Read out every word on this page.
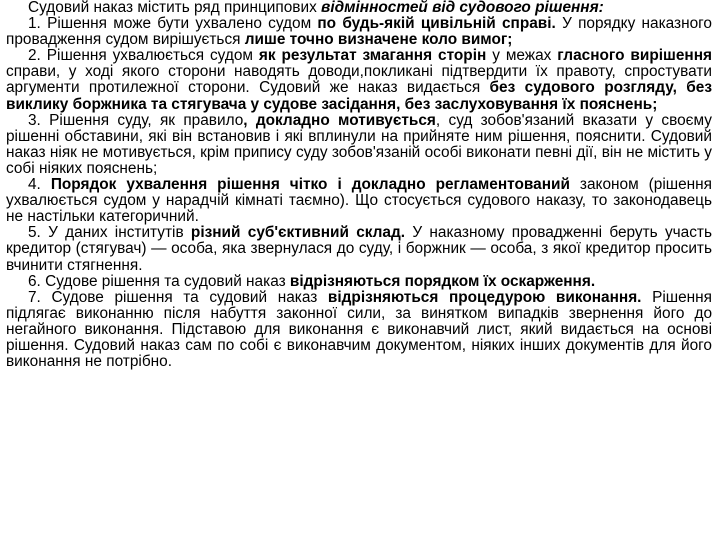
Судовий наказ містить ряд принципових відмінностей від судового рішення:

1. Рішення може бути ухвалено судом по будь-якій цивільній справі. У порядку наказного провадження судом вирішується лише точно визначене коло вимог;

2. Рішення ухвалюється судом як результат змагання сторін у межах гласного вирішення справи, у ході якого сторони наводять доводи,покликані підтвердити їх правоту, спростувати аргументи протилежної сторони. Судовий же наказ видається без судового розгляду, без виклику боржника та стягувача у судове засідання, без заслуховування їх пояснень;

3. Рішення суду, як правило, докладно мотивується, суд зобов'язаний вказати у своєму рішенні обставини, які він встановив і які вплинули на прийняте ним рішення, пояснити. Судовий наказ ніяк не мотивується, крім припису суду зобов'язаній особі виконати певні дії, він не містить у собі ніяких пояснень;

4. Порядок ухвалення рішення чітко і докладно регламентований законом (рішення ухвалюється судом у нарадчій кімнаті таємно). Що стосується судового наказу, то законодавець не настільки категоричний.

5. У даних інститутів різний суб'єктивний склад. У наказному провадженні беруть участь кредитор (стягувач) — особа, яка звернулася до суду, і боржник — особа, з якої кредитор просить вчинити стягнення.

6. Судове рішення та судовий наказ відрізняються порядком їх оскарження.

7. Судове рішення та судовий наказ відрізняються процедурою виконання. Рішення підлягає виконанню після набуття законної сили, за винятком випадків звернення його до негайного виконання. Підставою для виконання є виконавчий лист, який видається на основі рішення. Судовий наказ сам по собі є виконавчим документом, ніяких інших документів для його виконання не потрібно.
